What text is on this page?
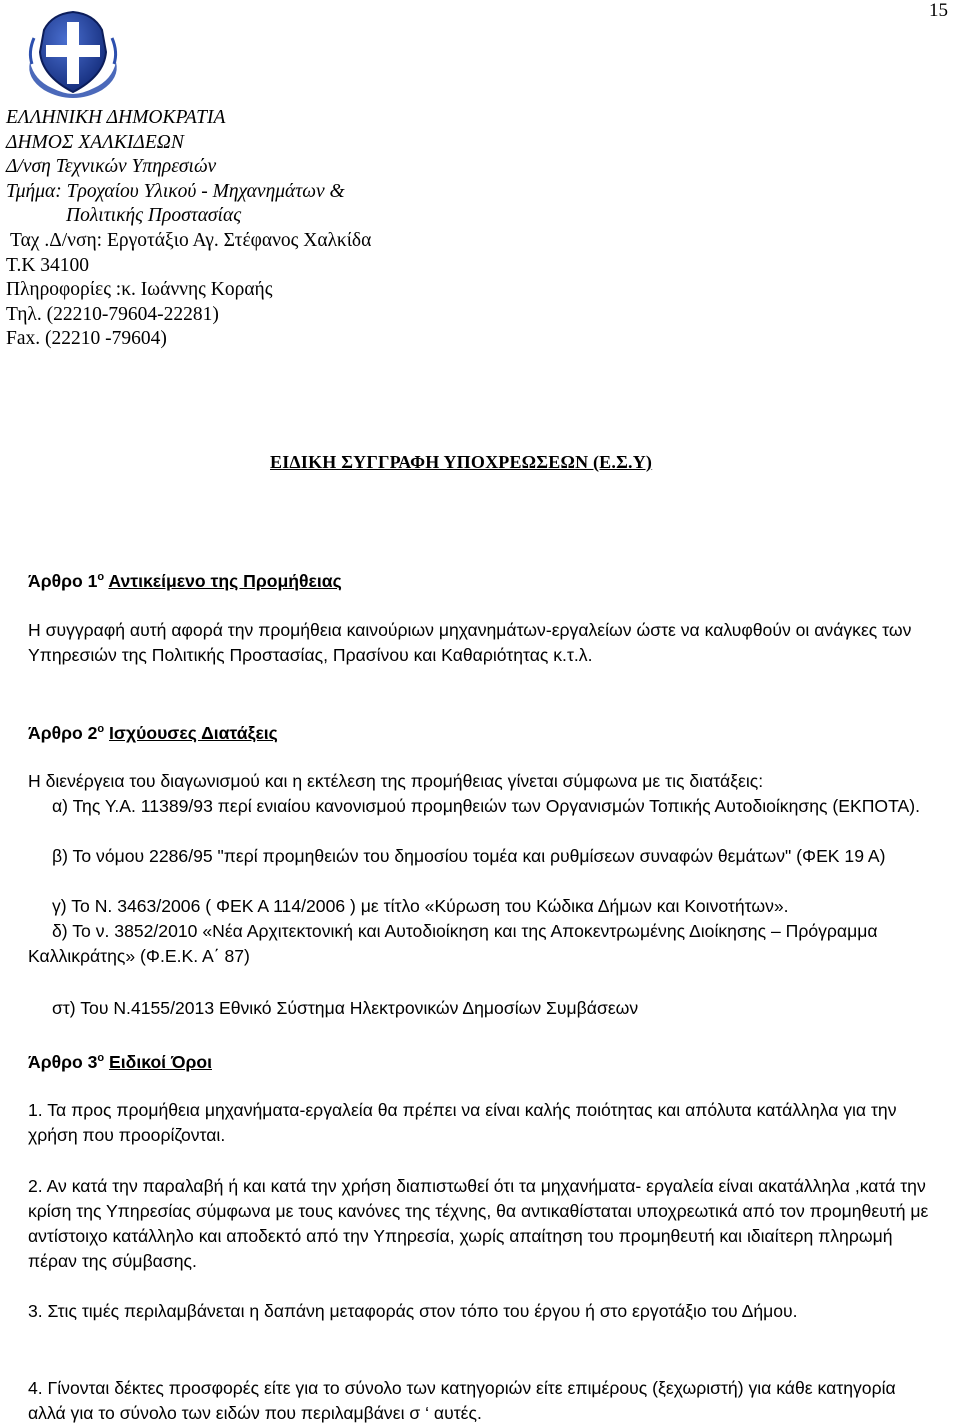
15
ΕΛΛΗΝΙΚΗ ΔΗΜΟΚΡΑΤΙΑ
ΔΗΜΟΣ ΧΑΛΚΙΔΕΩΝ
Δ/νση Τεχνικών Υπηρεσιών
Τμήμα: Τροχαίου Υλικού - Μηχανημάτων &
Πολιτικής Προστασίας
Ταχ .Δ/νση: Εργοτάξιο Αγ. Στέφανος Χαλκίδα
Τ.Κ 34100
Πληροφορίες :κ. Ιωάννης Κοραής
Τηλ. (22210-79604-22281)
Fax. (22210 -79604)
ΕΙΔΙΚΗ ΣΥΓΓΡΑΦΗ ΥΠΟΧΡΕΩΣΕΩΝ (Ε.Σ.Υ)
Άρθρο $1^o$ Αντικείμενο της Προμήθειας

Η συγγραφή αυτή αφορά την προμήθεια καινούριων μηχανημάτων-εργαλείων ώστε να καλυφθούν οι ανάγκες των Υπηρεσιών της Πολιτικής Προστασίας, Πρασίνου και Καθαριότητας κ.τ.λ.

Άρθρο $2^o$ Ισχύουσες Διατάξεις

Η διενέργεια του διαγωνισμού και η εκτέλεση της προμήθειας γίνεται σύμφωνα με τις διατάξεις:

α) Της Υ.Α. 11389/93 περί ενιαίου κανονισμού προμηθειών των Οργανισμών Τοπικής Αυτοδιοίκησης (ΕΚΠΟΤΑ).

β) Το νόμου 2286/95 "περί προμηθειών του δημοσίου τομέα και ρυθμίσεων συναφών θεμάτων" (ΦΕΚ 19 Α)

γ) Το Ν. 3463/2006 ( ΦΕΚ Α 114/2006 ) με τίτλο «Κύρωση του Κώδικα Δήμων και Κοινοτήτων».

δ) Το ν. 3852/2010 «Νέα Αρχιτεκτονική και Αυτοδιοίκηση και της Αποκεντρωμένης Διοίκησης – Πρόγραμμα Καλλικράτης» (Φ.Ε.Κ. Α΄ 87)

στ) Του Ν.4155/2013 Εθνικό Σύστημα Ηλεκτρονικών Δημοσίων Συμβάσεων

Άρθρο $3^o$ Ειδικοί Όροι

1. Τα προς προμήθεια μηχανήματα-εργαλεία θα πρέπει να είναι καλής ποιότητας και απόλυτα κατάλληλα για την χρήση που προορίζονται.

2. Αν κατά την παραλαβή ή και κατά την χρήση διαπιστωθεί ότι τα μηχανήματα- εργαλεία είναι ακατάλληλα ,κατά την κρίση της Υπηρεσίας σύμφωνα με τους κανόνες της τέχνης, θα αντικαθίσταται υποχρεωτικά από τον προμηθευτή με αντίστοιχο κατάλληλο και αποδεκτό από την Υπηρεσία, χωρίς απαίτηση του προμηθευτή και ιδιαίτερη πληρωμή πέραν της σύμβασης.

3. Στις τιμές περιλαμβάνεται η δαπάνη μεταφοράς στον τόπο του έργου ή στο εργοτάξιο του Δήμου.

4. Γίνονται δέκτες προσφορές είτε για το σύνολο των κατηγοριών είτε επιμέρους (ξεχωριστή) για κάθε κατηγορία αλλά για το σύνολο των ειδών που περιλαμβάνει σ ‘ αυτές.
